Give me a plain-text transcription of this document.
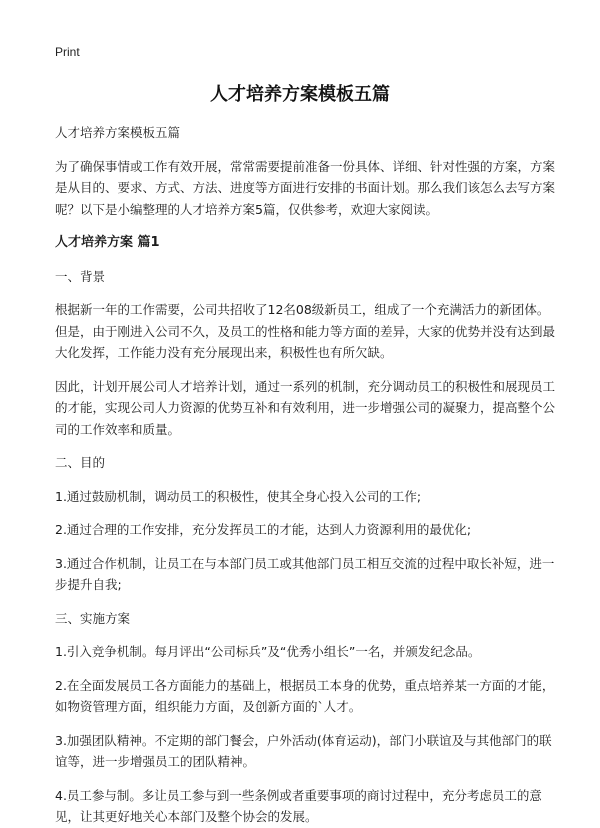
Print
人才培养方案模板五篇

人才培养方案模板五篇

为了确保事情或工作有效开展，常常需要提前准备一份具体、详细、针对性强的方案，方案是从目的、要求、方式、方法、进度等方面进行安排的书面计划。那么我们该怎么去写方案呢？以下是小编整理的人才培养方案5篇，仅供参考，欢迎大家阅读。

人才培养方案 篇1

一、背景

根据新一年的工作需要，公司共招收了12名08级新员工，组成了一个充满活力的新团体。但是，由于刚进入公司不久，及员工的性格和能力等方面的差异，大家的优势并没有达到最大化发挥，工作能力没有充分展现出来，积极性也有所欠缺。

因此，计划开展公司人才培养计划，通过一系列的机制，充分调动员工的积极性和展现员工的才能，实现公司人力资源的优势互补和有效利用，进一步增强公司的凝聚力，提高整个公司的工作效率和质量。

二、目的

1.通过鼓励机制，调动员工的积极性，使其全身心投入公司的工作;

2.通过合理的工作安排，充分发挥员工的才能，达到人力资源利用的最优化;

3.通过合作机制，让员工在与本部门员工或其他部门员工相互交流的过程中取长补短，进一步提升自我;

三、实施方案

1.引入竞争机制。每月评出“公司标兵”及“优秀小组长”一名，并颁发纪念品。

2.在全面发展员工各方面能力的基础上，根据员工本身的优势，重点培养某一方面的才能，如物资管理方面，组织能力方面，及创新方面的`人才。

3.加强团队精神。不定期的部门餐会，户外活动(体育运动)，部门小联谊及与其他部门的联谊等，进一步增强员工的团队精神。

4.员工参与制。多让员工参与到一些条例或者重要事项的商讨过程中，充分考虑员工的意见，让其更好地关心本部门及整个协会的发展。
